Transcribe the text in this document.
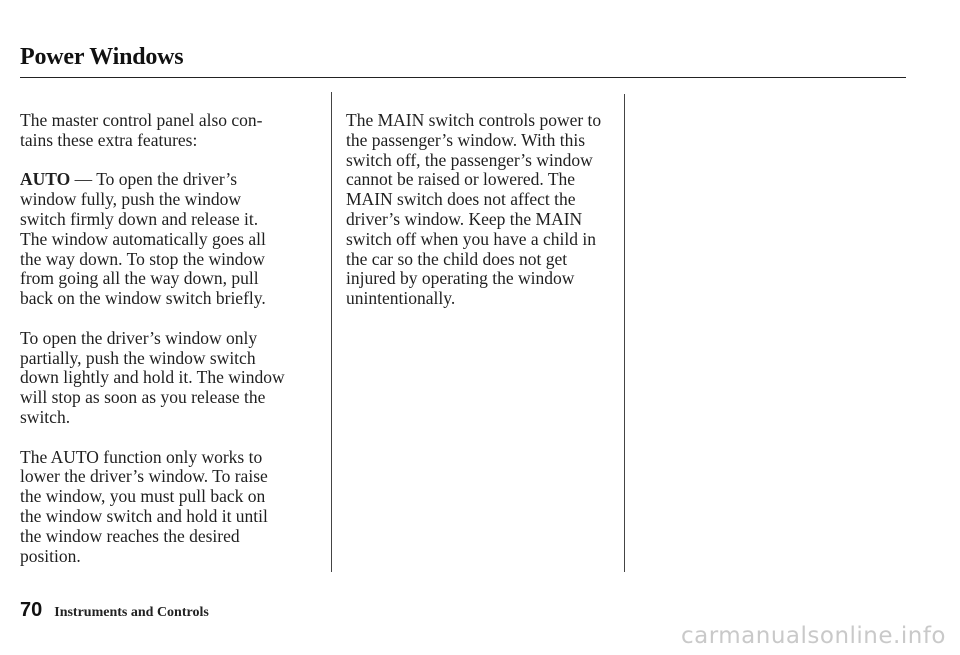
Power Windows

The master control panel also con-
tains these extra features:

AUTO — To open the driver’s
window fully, push the window
switch firmly down and release it.
The window automatically goes all
the way down. To stop the window
from going all the way down, pull
back on the window switch briefly.

To open the driver’s window only
partially, push the window switch
down lightly and hold it. The window
will stop as soon as you release the
switch.

The AUTO function only works to
lower the driver’s window. To raise
the window, you must pull back on
the window switch and hold it until
the window reaches the desired
position.

The MAIN switch controls power to
the passenger’s window. With this
switch off, the passenger’s window
cannot be raised or lowered. The
MAIN switch does not affect the
driver’s window. Keep the MAIN
switch off when you have a child in
the car so the child does not get
injured by operating the window
unintentionally.

70 Instruments and Controls
carmanualsonline.info
